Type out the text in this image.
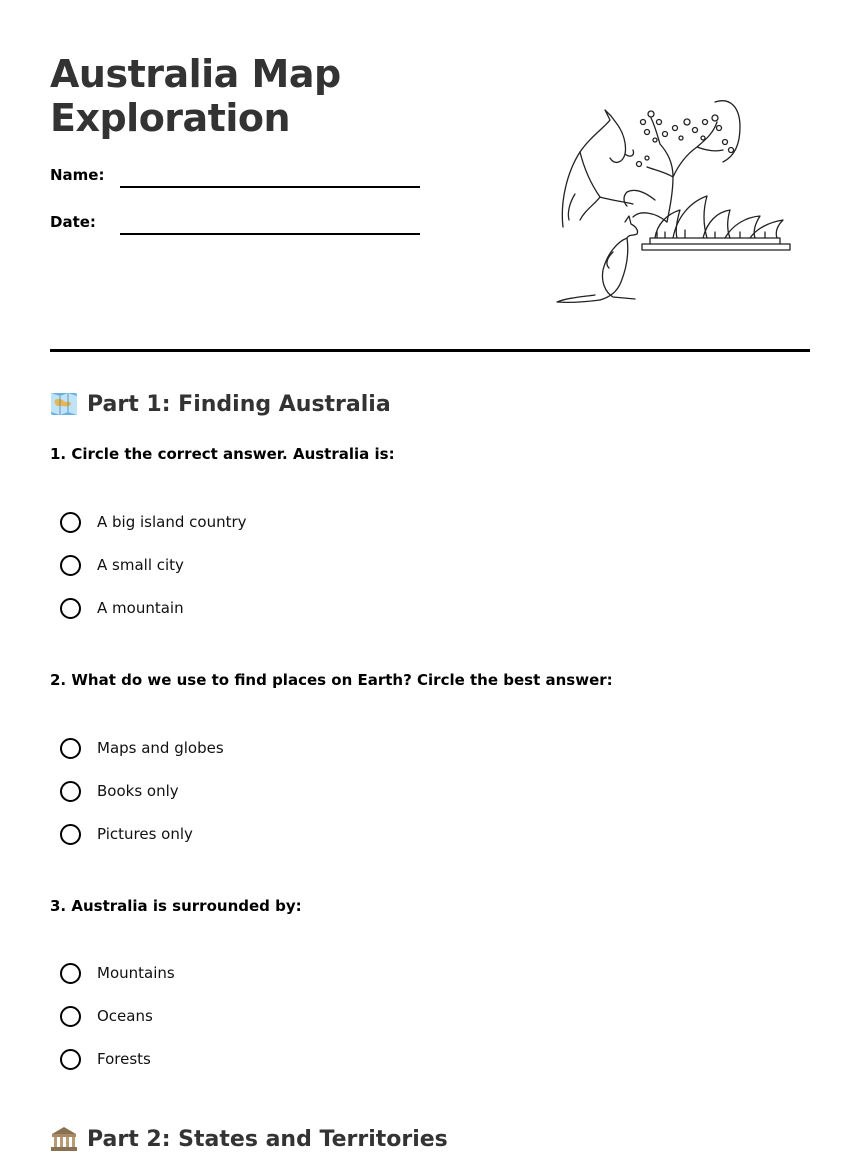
Australia Map
Exploration
Name:
Date:
Part 1: Finding Australia

1. Circle the correct answer. Australia is:

A big island country
A small city
A mountain

2. What do we use to find places on Earth? Circle the best answer:

Maps and globes
Books only
Pictures only

3. Australia is surrounded by:

Mountains
Oceans
Forests
Part 2: States and Territories
